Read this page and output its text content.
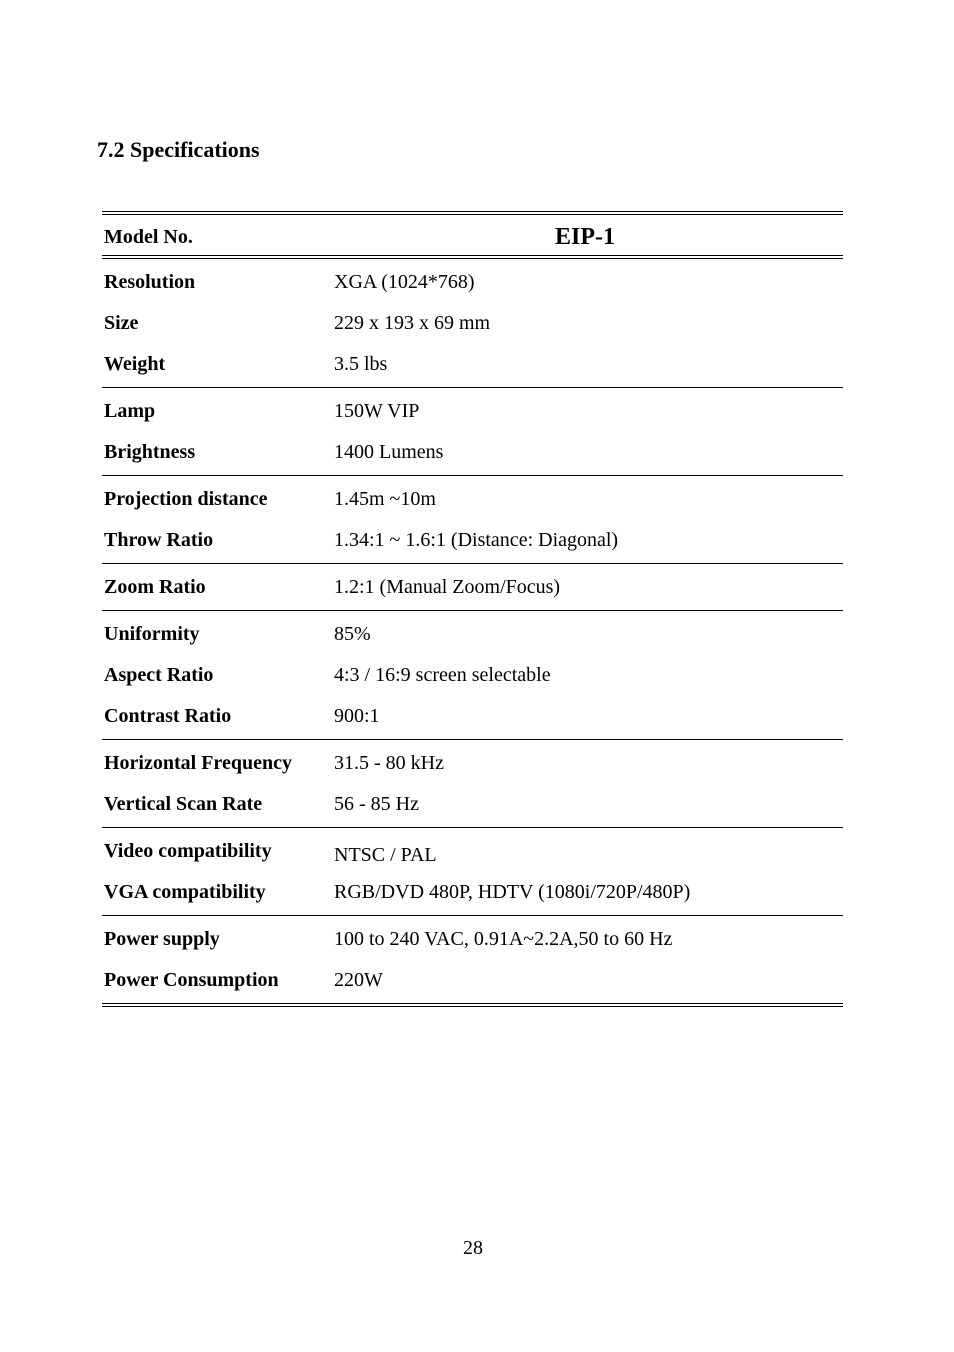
7.2 Specifications
Model No.	EIP-1
Resolution	XGA (1024*768)
Size	229 x 193 x 69 mm
Weight	3.5 lbs
Lamp	150W VIP
Brightness	1400 Lumens
Projection distance	1.45m ~10m
Throw Ratio	1.34:1 ~ 1.6:1 (Distance: Diagonal)
Zoom Ratio	1.2:1 (Manual Zoom/Focus)
Uniformity	85%
Aspect Ratio	4:3 / 16:9 screen selectable
Contrast Ratio	900:1
Horizontal Frequency 31.5 - 80 kHz
Vertical Scan Rate	56 - 85 Hz
Video compatibility	NTSC / PAL
VGA compatibility	RGB/DVD 480P, HDTV (1080i/720P/480P)
Power supply	100 to 240 VAC, 0.91A~2.2A,50 to 60 Hz
Power Consumption	220W
28
